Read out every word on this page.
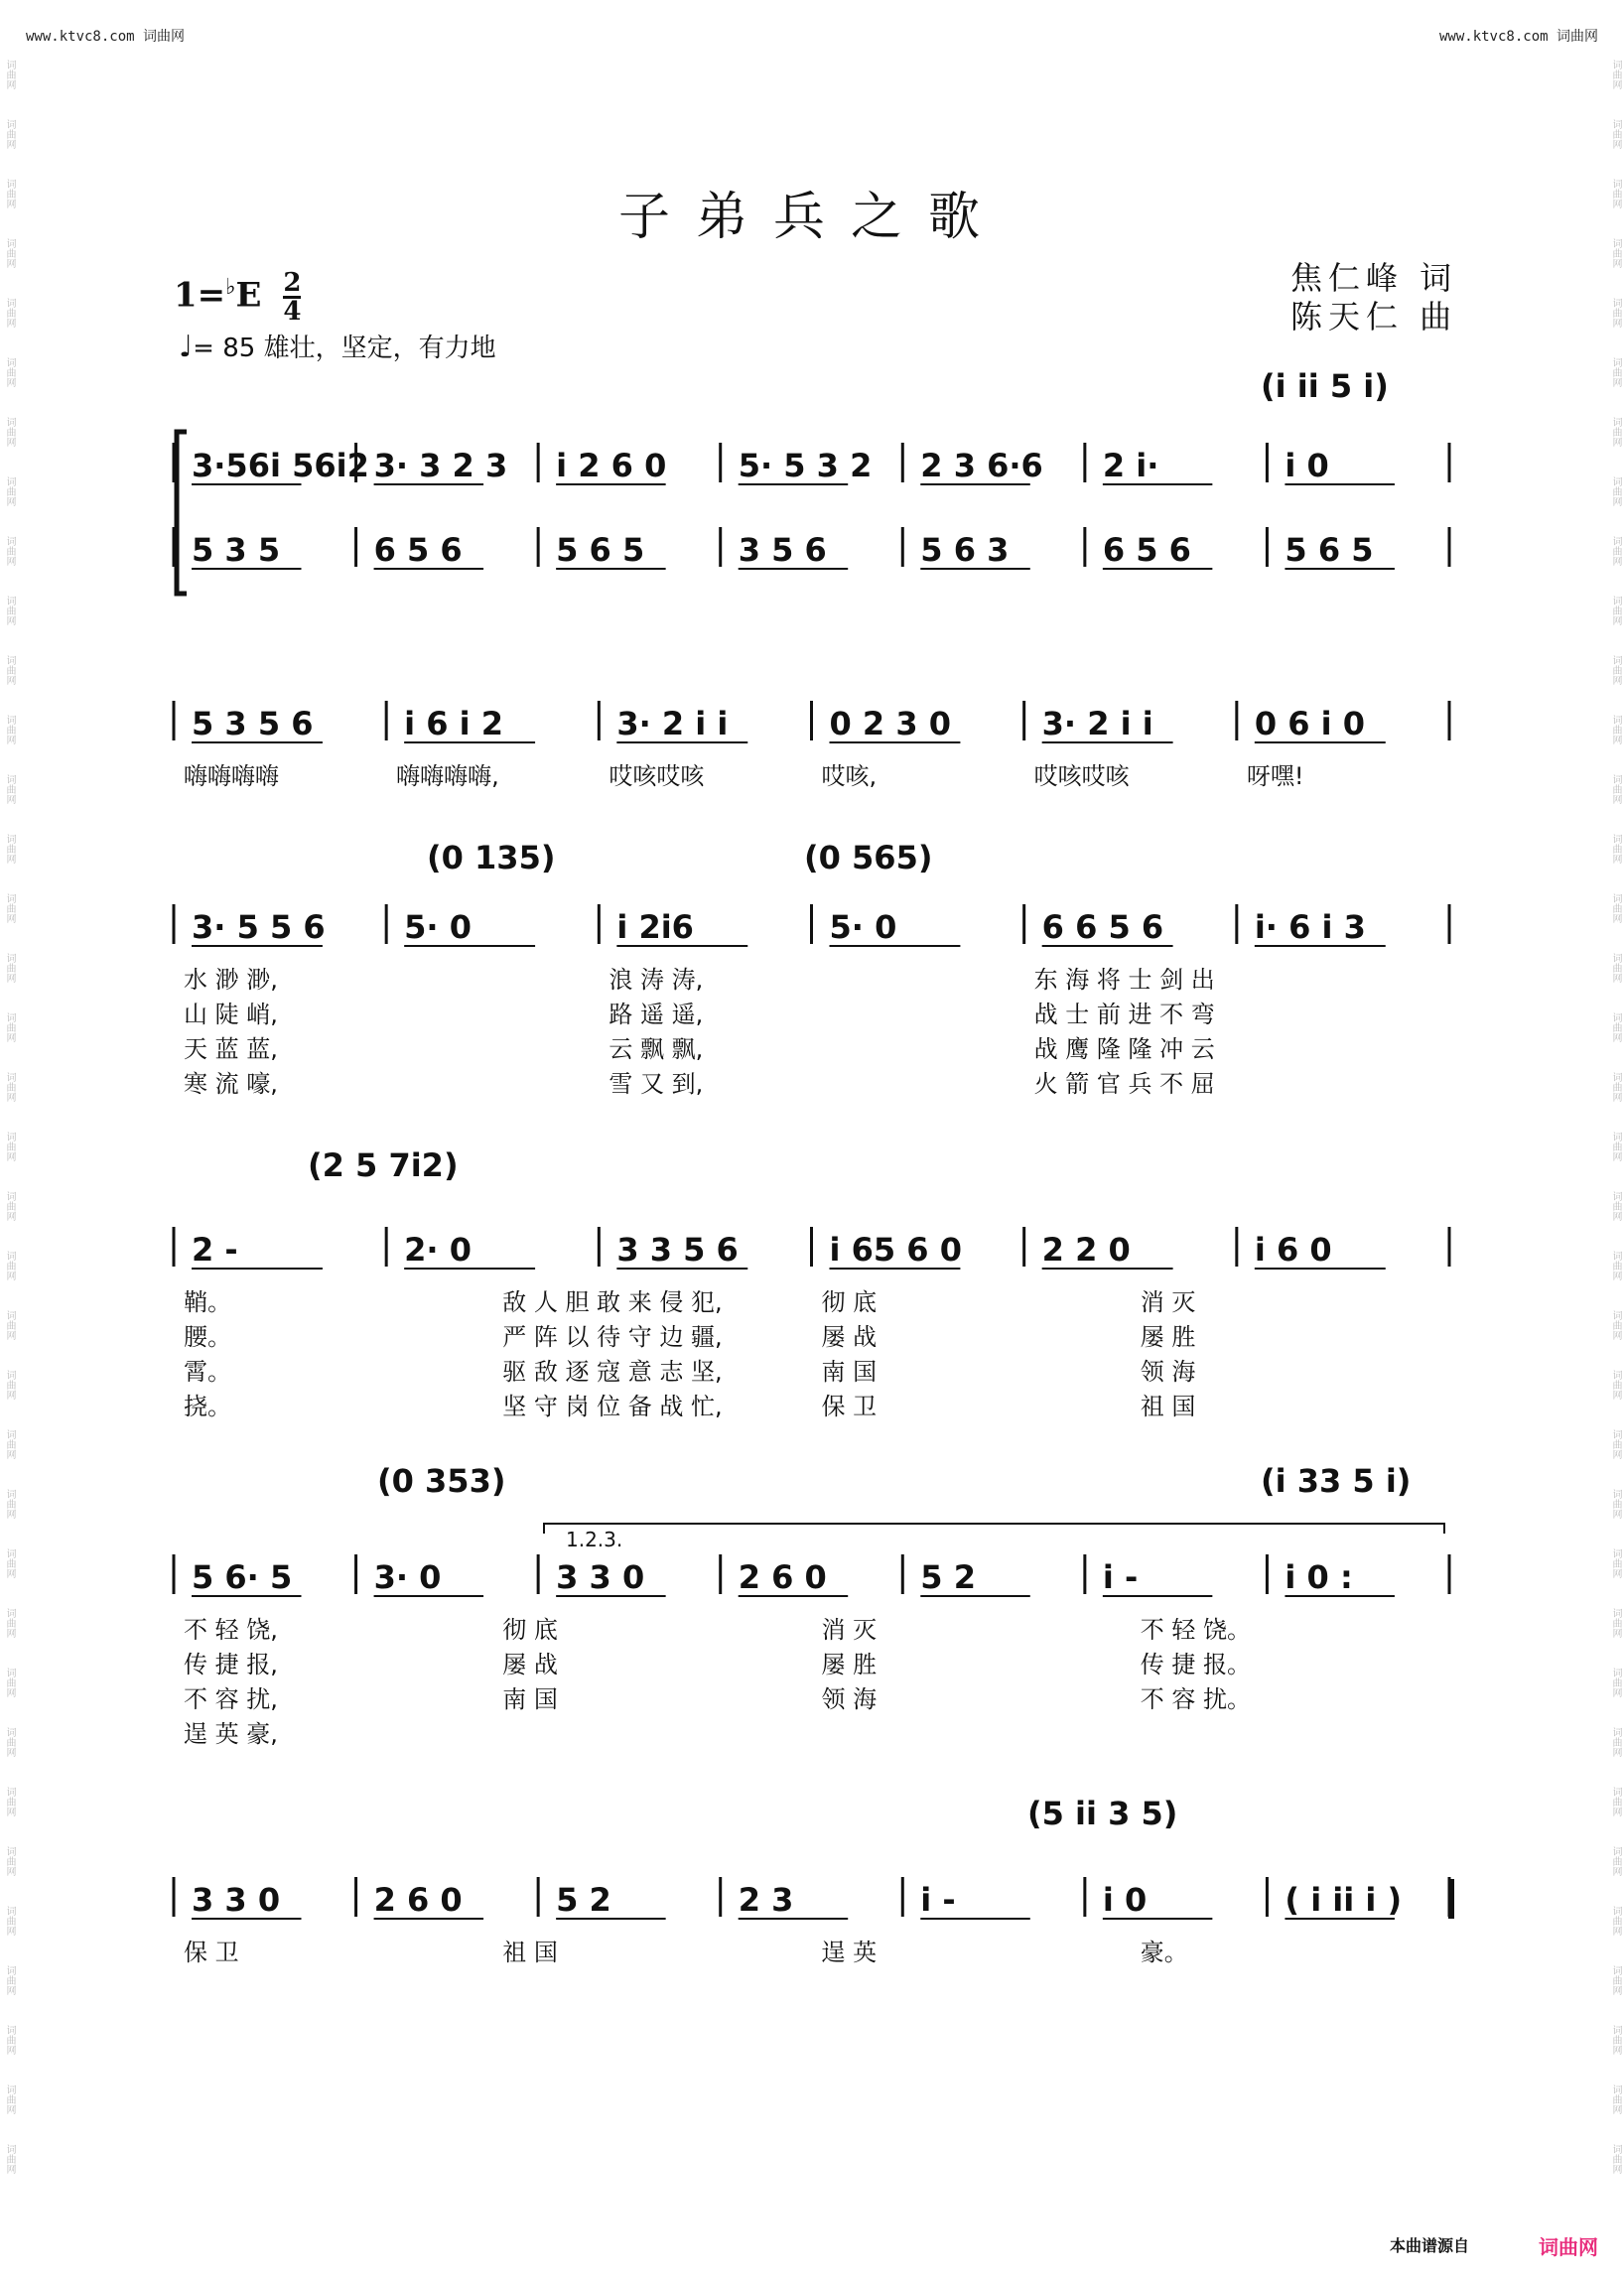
www.ktvc8.com 词曲网	www.ktvc8.com 词曲网
词曲网
词曲网
词曲网
词曲网
词曲网
词曲网
词曲网
词曲网
词曲网
词曲网
词曲网
词曲网
词曲网
词曲网
词曲网
词曲网
词曲网
词曲网
词曲网
词曲网
词曲网
词曲网
词曲网
词曲网
词曲网
词曲网
词曲网
词曲网
词曲网
词曲网
词曲网
词曲网
词曲网
词曲网
词曲网
词曲网
词曲网
词曲网
词曲网
词曲网
词曲网
词曲网
词曲网
词曲网
词曲网
词曲网
词曲网
词曲网
词曲网
词曲网
词曲网
词曲网
词曲网
词曲网
词曲网
词曲网
词曲网
词曲网
词曲网
词曲网
词曲网
词曲网
词曲网
词曲网
词曲网
词曲网
词曲网
词曲网
词曲网
词曲网
词曲网
词曲网
子弟兵之歌
焦仁峰 词
陈天仁 曲
$1=^♭E \frac{2}{4}$
♩= 85 雄壮，坚定，有力地
(i ii 5 i)
3·56i 56i2 3· 3 2 3 i 2 6 0 5· 5 3 2 2 3 6·6 2 i·	i 0
5 3 5	6 5 6	5 6 5	3 5 6	5 6 3	6 5 6	5 6 5
5 3 5 6	i 6 i 2	3· 2 i i	0 2 3 0	3· 2 i i	0 6 i 0
嗨嗨嗨嗨	嗨嗨嗨嗨,	哎咳哎咳	哎咳,	哎咳哎咳	呀嘿!
(0 135)	(0 565)
3· 5 5 6 5· 0	i 2i6	5· 0	6 6 5 6	i· 6 i 3
水 渺 渺,	浪 涛 涛,	东 海 将 士 剑 出
山 陡 峭,	路 遥 遥,	战 士 前 进 不 弯
天 蓝 蓝,	云 飘 飘,	战 鹰 隆 隆 冲 云
寒 流 嚎,	雪 又 到,	火 箭 官 兵 不 屈
(2 5 7i2)
2 -	2· 0	3 3 5 6	i 65 6 0	2 2 0	i 6 0
鞘。	敌 人 胆 敢 来 侵 犯,	彻 底	消 灭
腰。	严 阵 以 待 守 边 疆,	屡 战	屡 胜
霄。	驱 敌 逐 寇 意 志 坚,	南 国	领 海
挠。	坚 守 岗 位 备 战 忙,	保 卫	祖 国
(0 353)	(i 33 5 i)
5 6· 5	3· 0	3 3 0	2 6 0	5 2	i -	i 0 :
不 轻 饶,	彻 底	消 灭	不 轻 饶。
传 捷 报,	屡 战	屡 胜	传 捷 报。
不 容 扰,	南 国	领 海	不 容 扰。
逞 英 豪,
(5 ii 3 5)
3 3 0	2 6 0	5 2	2 3	i -	i 0	( i ii i )
保 卫	祖 国	逞 英	豪。
1.2.3.
本曲谱源自	词曲网
